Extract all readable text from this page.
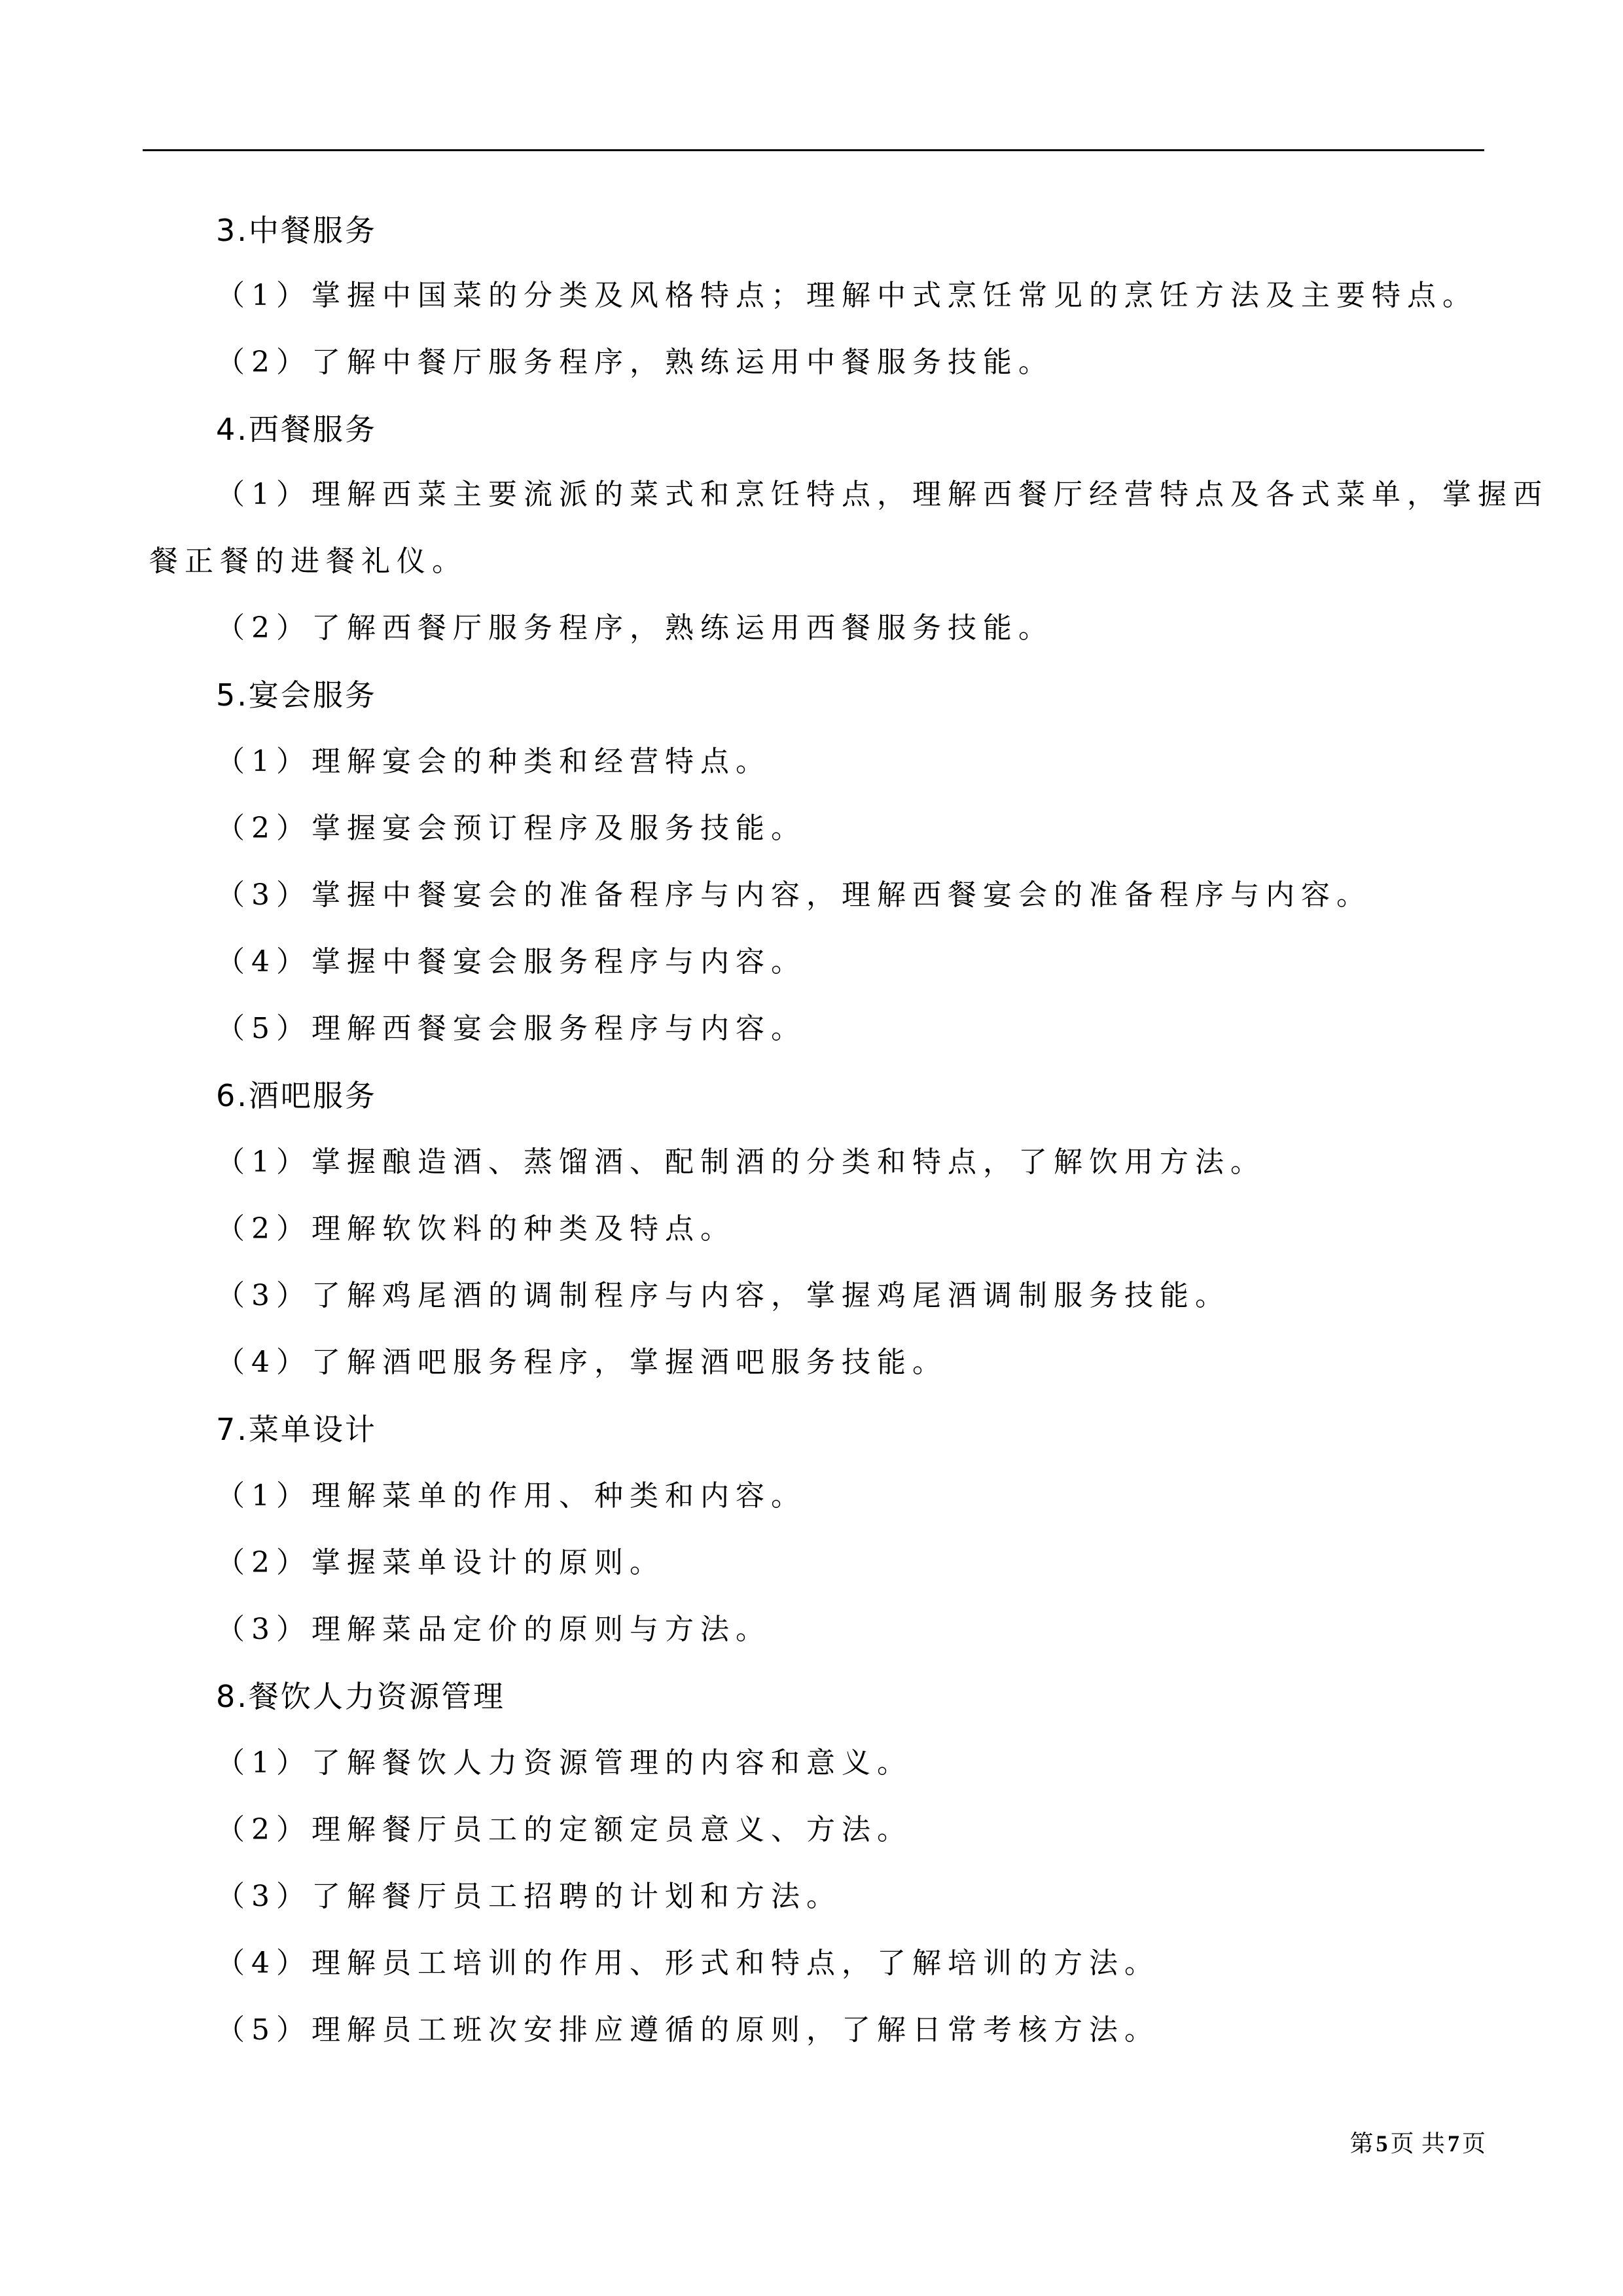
3.中餐服务
（1）掌握中国菜的分类及风格特点；理解中式烹饪常见的烹饪方法及主要特点。
（2）了解中餐厅服务程序，熟练运用中餐服务技能。
4.西餐服务
（1）理解西菜主要流派的菜式和烹饪特点，理解西餐厅经营特点及各式菜单，掌握西
餐正餐的进餐礼仪。
（2）了解西餐厅服务程序，熟练运用西餐服务技能。
5.宴会服务
（1）理解宴会的种类和经营特点。
（2）掌握宴会预订程序及服务技能。
（3）掌握中餐宴会的准备程序与内容，理解西餐宴会的准备程序与内容。
（4）掌握中餐宴会服务程序与内容。
（5）理解西餐宴会服务程序与内容。
6.酒吧服务
（1）掌握酿造酒、蒸馏酒、配制酒的分类和特点，了解饮用方法。
（2）理解软饮料的种类及特点。
（3）了解鸡尾酒的调制程序与内容，掌握鸡尾酒调制服务技能。
（4）了解酒吧服务程序，掌握酒吧服务技能。
7.菜单设计
（1）理解菜单的作用、种类和内容。
（2）掌握菜单设计的原则。
（3）理解菜品定价的原则与方法。
8.餐饮人力资源管理
（1）了解餐饮人力资源管理的内容和意义。
（2）理解餐厅员工的定额定员意义、方法。
（3）了解餐厅员工招聘的计划和方法。
（4）理解员工培训的作用、形式和特点，了解培训的方法。
（5）理解员工班次安排应遵循的原则，了解日常考核方法。
第 5 页 共 7 页
